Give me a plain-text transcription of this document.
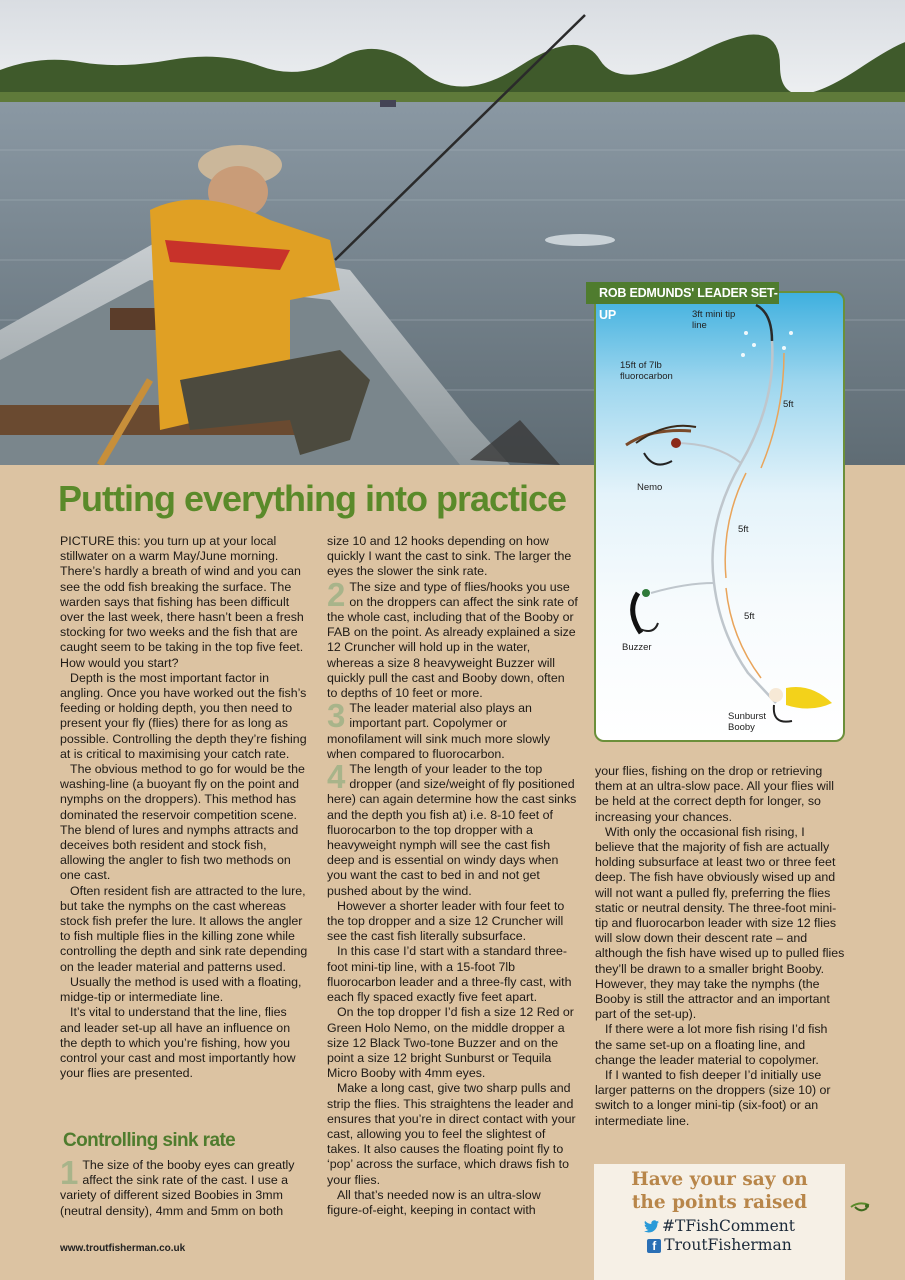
3ft mini tip line
15ft of 7lb fluorocarbon
5ft
5ft
5ft
Nemo
Buzzer
Sunburst Booby
ROB EDMUNDS' LEADER SET-UP
Putting everything into practice

PICTURE this: you turn up at your local stillwater on a warm May/June morning. There’s hardly a breath of wind and you can see the odd fish breaking the surface. The warden says that fishing has been difficult over the last week, there hasn’t been a fresh stocking for two weeks and the fish that are caught seem to be taking in the top five feet. How would you start?

Depth is the most important factor in angling. Once you have worked out the fish’s feeding or holding depth, you then need to present your fly (flies) there for as long as possible. Controlling the depth they’re fishing at is critical to maximising your catch rate.

The obvious method to go for would be the washing-line (a buoyant fly on the point and nymphs on the droppers). This method has dominated the reservoir competition scene. The blend of lures and nymphs attracts and deceives both resident and stock fish, allowing the angler to fish two methods on one cast.

Often resident fish are attracted to the lure, but take the nymphs on the cast whereas stock fish prefer the lure. It allows the angler to fish multiple flies in the killing zone while controlling the depth and sink rate depending on the leader material and patterns used.

Usually the method is used with a floating, midge-tip or intermediate line.

It’s vital to understand that the line, flies and leader set-up all have an influence on the depth to which you’re fishing, how you control your cast and most importantly how your flies are presented.

Controlling sink rate

1 The size of the booby eyes can greatly affect the sink rate of the cast. I use a variety of different sized Boobies in 3mm (neutral density), 4mm and 5mm on both

size 10 and 12 hooks depending on how quickly I want the cast to sink. The larger the eyes the slower the sink rate.

2 The size and type of flies/hooks you use on the droppers can affect the sink rate of the whole cast, including that of the Booby or FAB on the point. As already explained a size 12 Cruncher will hold up in the water, whereas a size 8 heavyweight Buzzer will quickly pull the cast and Booby down, often to depths of 10 feet or more.

3 The leader material also plays an important part. Copolymer or monofilament will sink much more slowly when compared to fluorocarbon.

4 The length of your leader to the top dropper (and size/weight of fly positioned here) can again determine how the cast sinks and the depth you fish at) i.e. 8-10 feet of fluorocarbon to the top dropper with a heavyweight nymph will see the cast fish deep and is essential on windy days when you want the cast to bed in and not get pushed about by the wind.

However a shorter leader with four feet to the top dropper and a size 12 Cruncher will see the cast fish literally subsurface.

In this case I’d start with a standard three-foot mini-tip line, with a 15-foot 7lb fluorocarbon leader and a three-fly cast, with each fly spaced exactly five feet apart.

On the top dropper I’d fish a size 12 Red or Green Holo Nemo, on the middle dropper a size 12 Black Two-tone Buzzer and on the point a size 12 bright Sunburst or Tequila Micro Booby with 4mm eyes.

Make a long cast, give two sharp pulls and strip the flies. This straightens the leader and ensures that you’re in direct contact with your cast, allowing you to feel the slightest of takes. It also causes the floating point fly to ‘pop’ across the surface, which draws fish to your flies.

All that’s needed now is an ultra-slow figure-of-eight, keeping in contact with

your flies, fishing on the drop or retrieving them at an ultra-slow pace. All your flies will be held at the correct depth for longer, so increasing your chances.

With only the occasional fish rising, I believe that the majority of fish are actually holding subsurface at least two or three feet deep. The fish have obviously wised up and will not want a pulled fly, preferring the flies static or neutral density. The three-foot mini-tip and fluorocarbon leader with size 12 flies will slow down their descent rate – and although the fish have wised up to pulled flies they’ll be drawn to a smaller bright Booby. However, they may take the nymphs (the Booby is still the attractor and an important part of the set-up).

If there were a lot more fish rising I’d fish the same set-up on a floating line, and change the leader material to copolymer.

If I wanted to fish deeper I’d initially use larger patterns on the droppers (size 10) or switch to a longer mini-tip (six-foot) or an intermediate line.

www.troutfisherman.co.uk
Have your say on
the points raised
#TFishComment
f TroutFisherman
